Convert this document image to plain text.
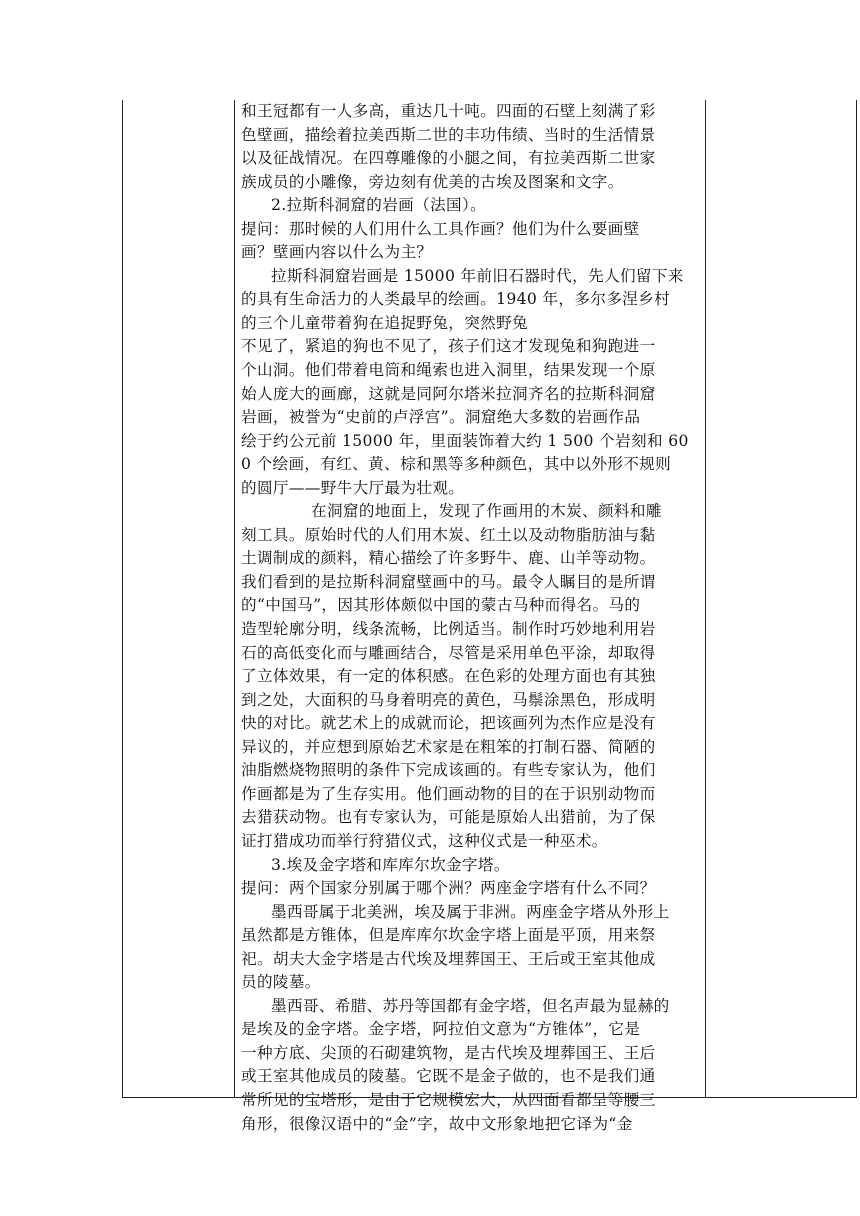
和王冠都有一人多高，重达几十吨。四面的石壁上刻满了彩

色壁画，描绘着拉美西斯二世的丰功伟绩、当时的生活情景

以及征战情况。在四尊雕像的小腿之间，有拉美西斯二世家

族成员的小雕像，旁边刻有优美的古埃及图案和文字。

2.拉斯科洞窟的岩画（法国）。

提问：那时候的人们用什么工具作画？他们为什么要画壁

画？壁画内容以什么为主？

拉斯科洞窟岩画是 15000 年前旧石器时代，先人们留下来

的具有生命活力的人类最早的绘画。1940 年，多尔多涅乡村

的三个儿童带着狗在追捉野兔，突然野兔

不见了，紧追的狗也不见了，孩子们这才发现兔和狗跑进一

个山洞。他们带着电筒和绳索也进入洞里，结果发现一个原

始人庞大的画廊，这就是同阿尔塔米拉洞齐名的拉斯科洞窟

岩画，被誉为“史前的卢浮宫”。洞窟绝大多数的岩画作品

绘于约公元前 15000 年，里面装饰着大约 1 500 个岩刻和 60

0 个绘画，有红、黄、棕和黑等多种颜色，其中以外形不规则

的圆厅——野牛大厅最为壮观。

在洞窟的地面上，发现了作画用的木炭、颜料和雕

刻工具。原始时代的人们用木炭、红土以及动物脂肪油与黏

土调制成的颜料，精心描绘了许多野牛、鹿、山羊等动物。

我们看到的是拉斯科洞窟壁画中的马。最令人瞩目的是所谓

的“中国马”，因其形体颇似中国的蒙古马种而得名。马的

造型轮廓分明，线条流畅，比例适当。制作时巧妙地利用岩

石的高低变化而与雕画结合，尽管是采用单色平涂，却取得

了立体效果，有一定的体积感。在色彩的处理方面也有其独

到之处，大面积的马身着明亮的黄色，马鬃涂黑色，形成明

快的对比。就艺术上的成就而论，把该画列为杰作应是没有

异议的，并应想到原始艺术家是在粗笨的打制石器、简陋的

油脂燃烧物照明的条件下完成该画的。有些专家认为，他们

作画都是为了生存实用。他们画动物的目的在于识别动物而

去猎获动物。也有专家认为，可能是原始人出猎前，为了保

证打猎成功而举行狩猎仪式，这种仪式是一种巫术。

3.埃及金字塔和库库尔坎金字塔。

提问：两个国家分别属于哪个洲？两座金字塔有什么不同？

墨西哥属于北美洲，埃及属于非洲。两座金字塔从外形上

虽然都是方锥体，但是库库尔坎金字塔上面是平顶，用来祭

祀。胡夫大金字塔是古代埃及埋葬国王、王后或王室其他成

员的陵墓。

墨西哥、希腊、苏丹等国都有金字塔，但名声最为显赫的

是埃及的金字塔。金字塔，阿拉伯文意为“方锥体”，它是

一种方底、尖顶的石砌建筑物，是古代埃及埋葬国王、王后

或王室其他成员的陵墓。它既不是金子做的，也不是我们通

常所见的宝塔形，是由于它规模宏大，从四面看都呈等腰三

角形，很像汉语中的“金”字，故中文形象地把它译为“金
